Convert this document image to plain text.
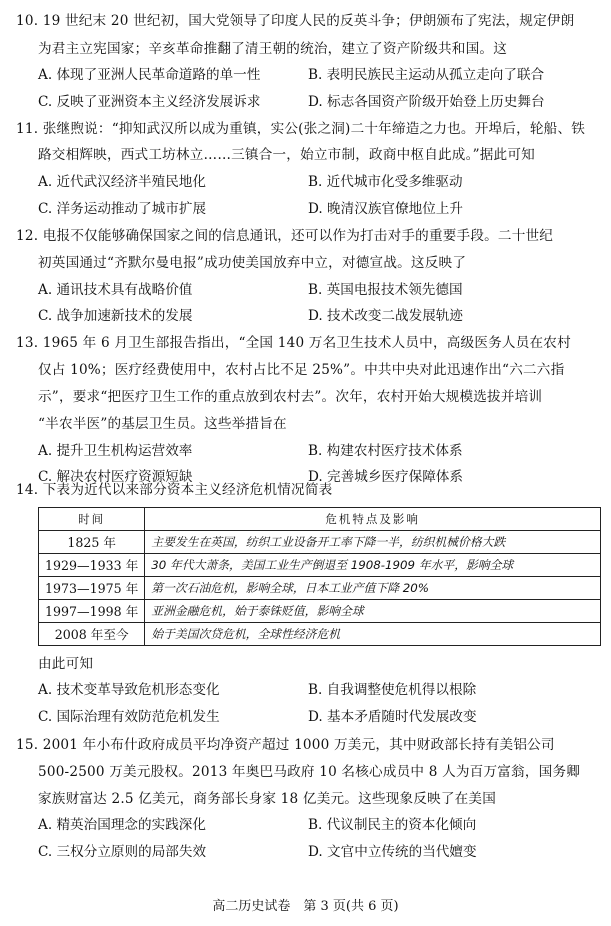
10. 19 世纪末 20 世纪初，国大党领导了印度人民的反英斗争；伊朗颁布了宪法，规定伊朗
为君主立宪国家；辛亥革命推翻了清王朝的统治，建立了资产阶级共和国。这
A. 体现了亚洲人民革命道路的单一性	B. 表明民族民主运动从孤立走向了联合
C. 反映了亚洲资本主义经济发展诉求	D. 标志各国资产阶级开始登上历史舞台
11. 张继煦说：“抑知武汉所以成为重镇，实公(张之洞)二十年缔造之力也。开埠后，轮船、铁
路交相辉映，西式工坊林立……三镇合一，始立市制，政商中枢自此成。”据此可知
A. 近代武汉经济半殖民地化	B. 近代城市化受多维驱动
C. 洋务运动推动了城市扩展	D. 晚清汉族官僚地位上升
12. 电报不仅能够确保国家之间的信息通讯，还可以作为打击对手的重要手段。二十世纪
初英国通过“齐默尔曼电报”成功使美国放弃中立，对德宣战。这反映了
A. 通讯技术具有战略价值	B. 英国电报技术领先德国
C. 战争加速新技术的发展	D. 技术改变二战发展轨迹
13. 1965 年 6 月卫生部报告指出，“全国 140 万名卫生技术人员中，高级医务人员在农村
仅占 10%；医疗经费使用中，农村占比不足 25%”。中共中央对此迅速作出“六二六指
示”，要求“把医疗卫生工作的重点放到农村去”。次年，农村开始大规模选拔并培训
“半农半医”的基层卫生员。这些举措旨在
A. 提升卫生机构运营效率	B. 构建农村医疗技术体系
C. 解决农村医疗资源短缺	D. 完善城乡医疗保障体系
14. 下表为近代以来部分资本主义经济危机情况简表
时间	危机特点及影响
1825 年	主要发生在英国，纺织工业设备开工率下降一半，纺织机械价格大跌
1929—1933 年	30 年代大萧条，美国工业生产倒退至 1908-1909 年水平，影响全球
1973—1975 年	第一次石油危机，影响全球，日本工业产值下降 20%
1997—1998 年	亚洲金融危机，始于泰铢贬值，影响全球
2008 年至今	始于美国次贷危机，全球性经济危机
由此可知
A. 技术变革导致危机形态变化	B. 自我调整使危机得以根除
C. 国际治理有效防范危机发生	D. 基本矛盾随时代发展改变
15. 2001 年小布什政府成员平均净资产超过 1000 万美元，其中财政部长持有美铝公司
500-2500 万美元股权。2013 年奥巴马政府 10 名核心成员中 8 人为百万富翁，国务卿
家族财富达 2.5 亿美元，商务部长身家 18 亿美元。这些现象反映了在美国
A. 精英治国理念的实践深化	B. 代议制民主的资本化倾向
C. 三权分立原则的局部失效	D. 文官中立传统的当代嬗变
高二历史试卷　第 3 页(共 6 页)
